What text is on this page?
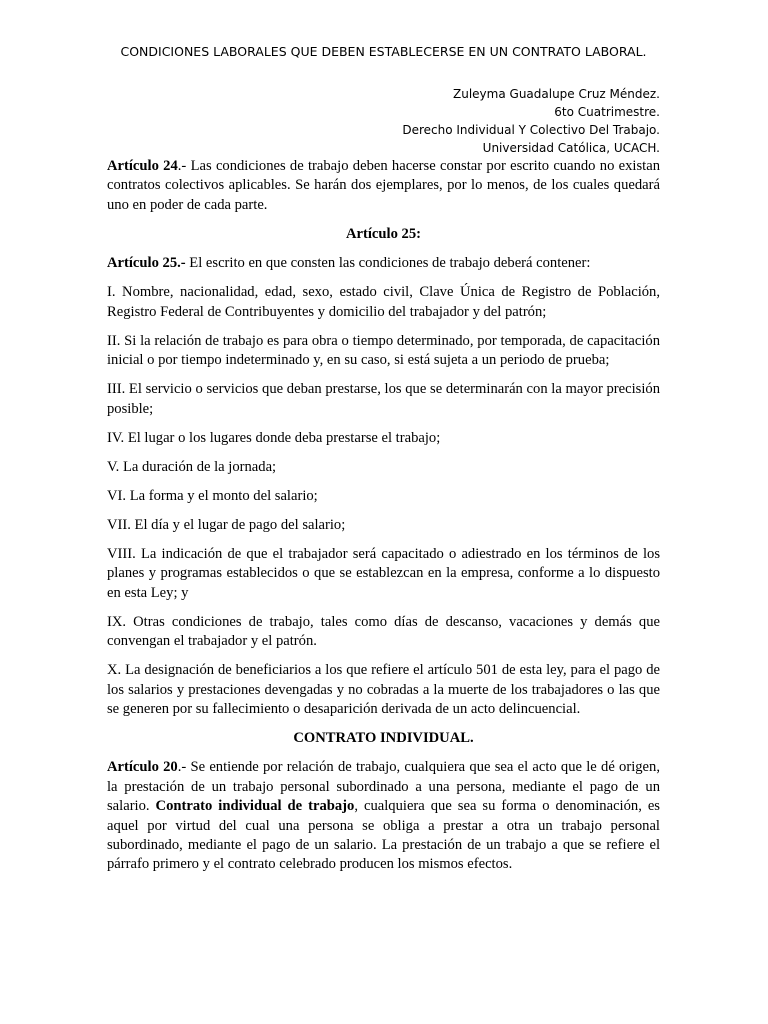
CONDICIONES LABORALES QUE DEBEN ESTABLECERSE EN UN CONTRATO LABORAL.
Zuleyma Guadalupe Cruz Méndez.
6to Cuatrimestre.
Derecho Individual Y Colectivo Del Trabajo.
Universidad Católica, UCACH.

Artículo 24.- Las condiciones de trabajo deben hacerse constar por escrito cuando no existan contratos colectivos aplicables. Se harán dos ejemplares, por lo menos, de los cuales quedará uno en poder de cada parte.

Artículo 25:

Artículo 25.- El escrito en que consten las condiciones de trabajo deberá contener:

I. Nombre, nacionalidad, edad, sexo, estado civil, Clave Única de Registro de Población, Registro Federal de Contribuyentes y domicilio del trabajador y del patrón;

II. Si la relación de trabajo es para obra o tiempo determinado, por temporada, de capacitación inicial o por tiempo indeterminado y, en su caso, si está sujeta a un periodo de prueba;

III. El servicio o servicios que deban prestarse, los que se determinarán con la mayor precisión posible;

IV. El lugar o los lugares donde deba prestarse el trabajo;

V. La duración de la jornada;

VI. La forma y el monto del salario;

VII. El día y el lugar de pago del salario;

VIII. La indicación de que el trabajador será capacitado o adiestrado en los términos de los planes y programas establecidos o que se establezcan en la empresa, conforme a lo dispuesto en esta Ley; y

IX. Otras condiciones de trabajo, tales como días de descanso, vacaciones y demás que convengan el trabajador y el patrón.

X. La designación de beneficiarios a los que refiere el artículo 501 de esta ley, para el pago de los salarios y prestaciones devengadas y no cobradas a la muerte de los trabajadores o las que se generen por su fallecimiento o desaparición derivada de un acto delincuencial.

CONTRATO INDIVIDUAL.

Artículo 20.- Se entiende por relación de trabajo, cualquiera que sea el acto que le dé origen, la prestación de un trabajo personal subordinado a una persona, mediante el pago de un salario. Contrato individual de trabajo, cualquiera que sea su forma o denominación, es aquel por virtud del cual una persona se obliga a prestar a otra un trabajo personal subordinado, mediante el pago de un salario. La prestación de un trabajo a que se refiere el párrafo primero y el contrato celebrado producen los mismos efectos.
